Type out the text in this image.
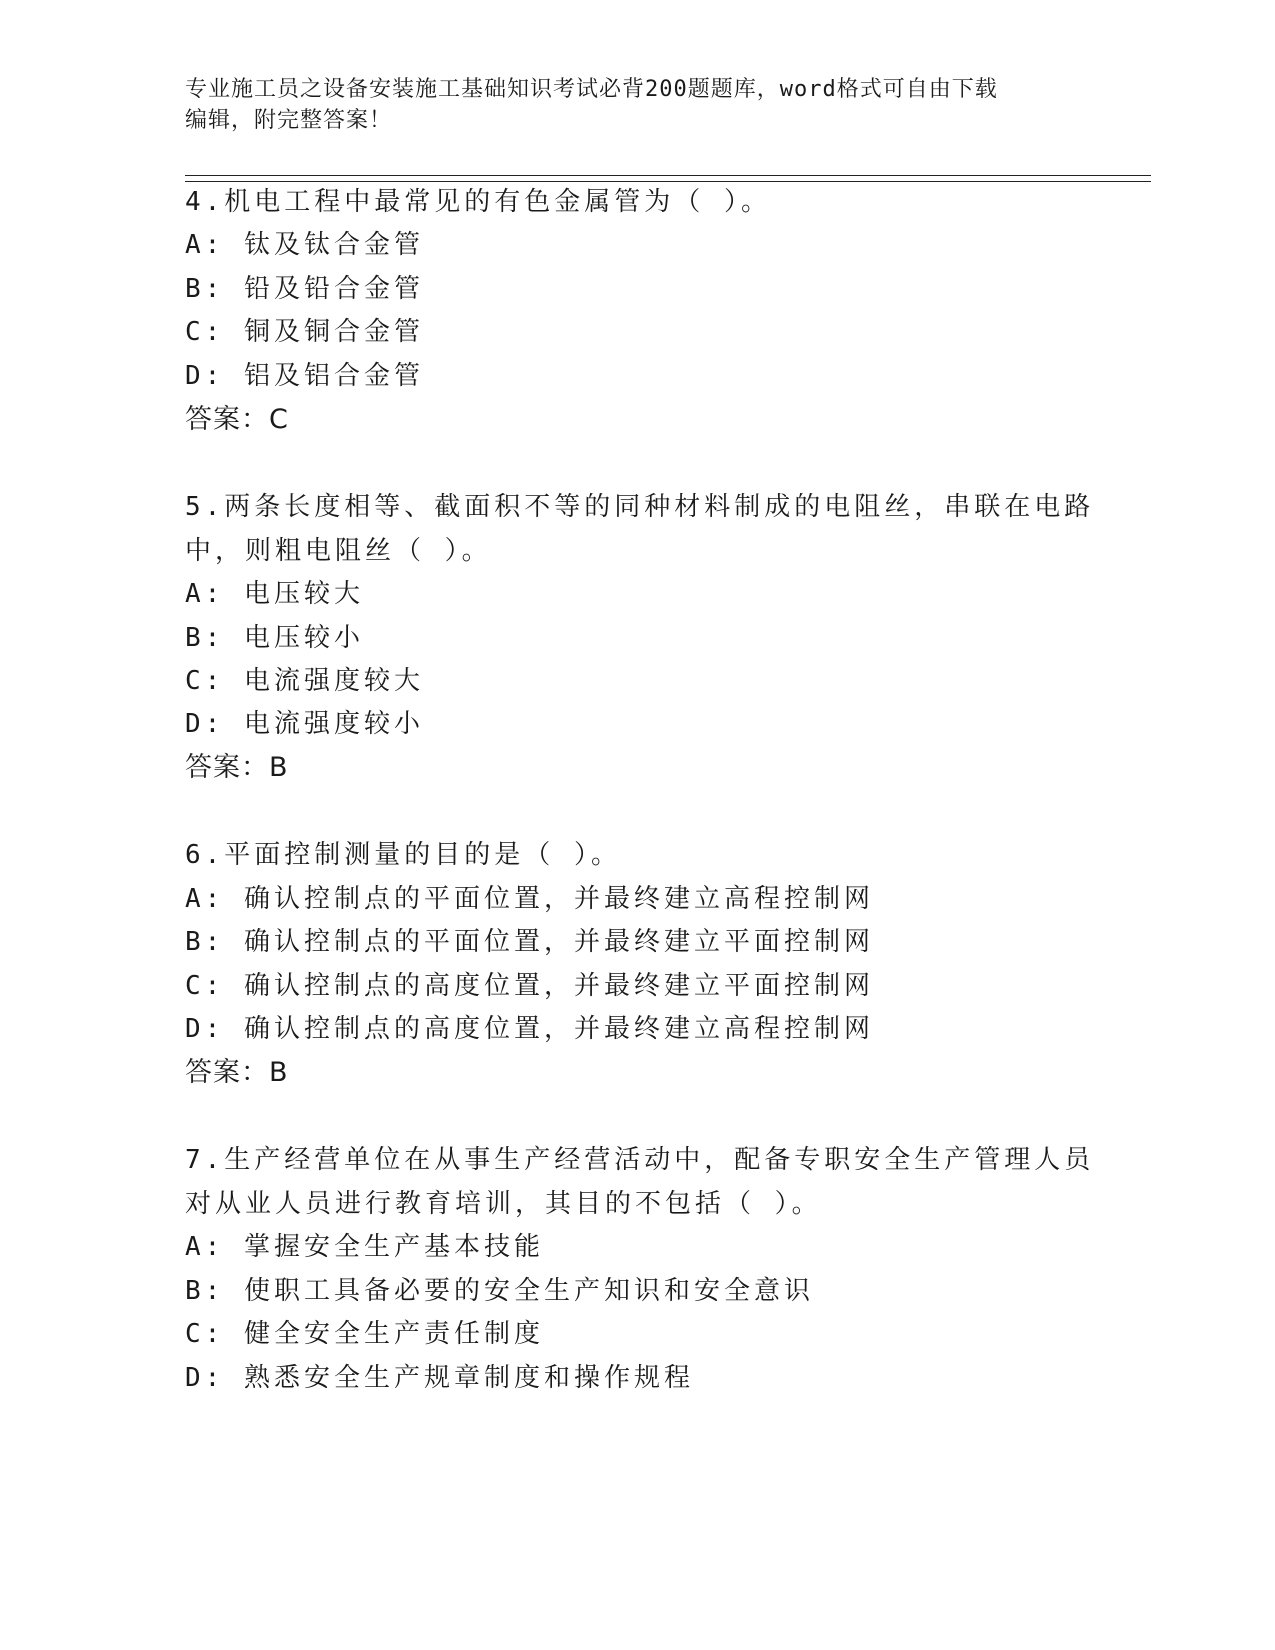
专业施工员之设备安装施工基础知识考试必背200题题库，word格式可自由下载
编辑，附完整答案！
4.机电工程中最常见的有色金属管为（ ）。
A: 钛及钛合金管
B: 铅及铅合金管
C: 铜及铜合金管
D: 铝及铝合金管
答案：C
5.两条长度相等、截面积不等的同种材料制成的电阻丝，串联在电路
中，则粗电阻丝（ ）。
A: 电压较大
B: 电压较小
C: 电流强度较大
D: 电流强度较小
答案：B
6.平面控制测量的目的是（ ）。
A: 确认控制点的平面位置，并最终建立高程控制网
B: 确认控制点的平面位置，并最终建立平面控制网
C: 确认控制点的高度位置，并最终建立平面控制网
D: 确认控制点的高度位置，并最终建立高程控制网
答案：B
7.生产经营单位在从事生产经营活动中，配备专职安全生产管理人员
对从业人员进行教育培训，其目的不包括（ ）。
A: 掌握安全生产基本技能
B: 使职工具备必要的安全生产知识和安全意识
C: 健全安全生产责任制度
D: 熟悉安全生产规章制度和操作规程
